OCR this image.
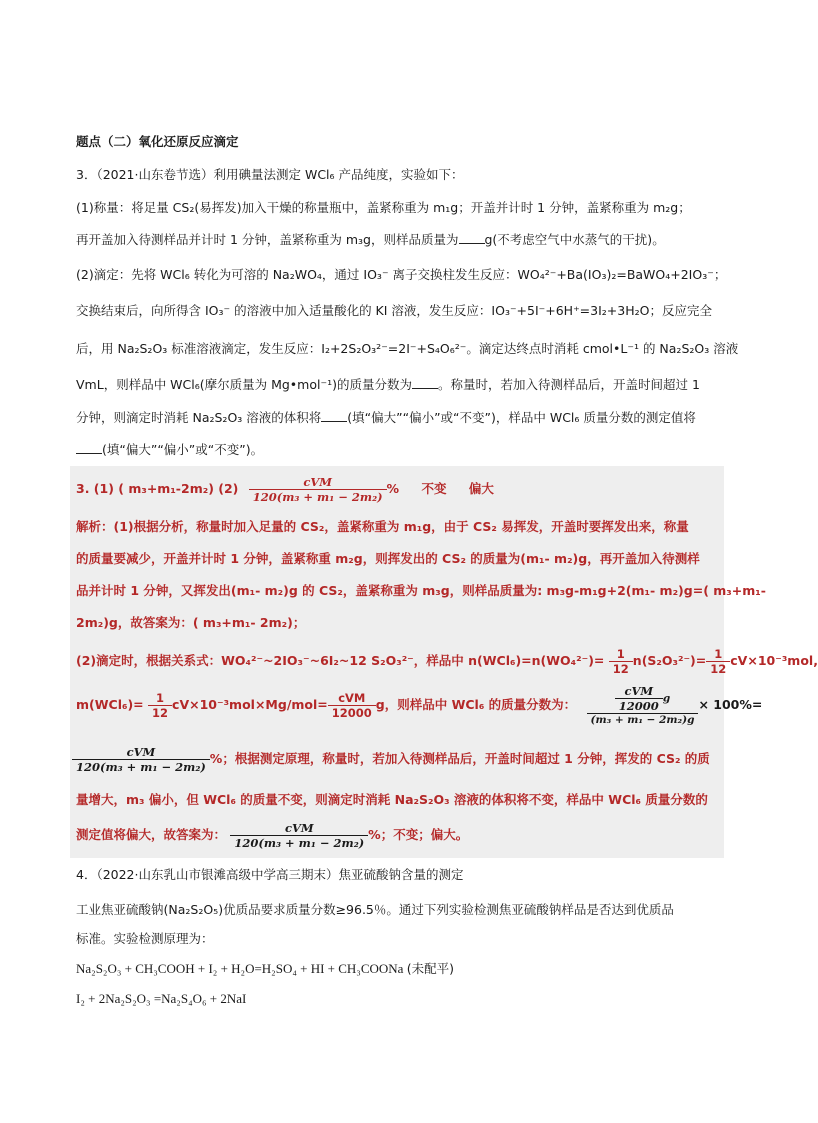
题点（二）氧化还原反应滴定
3．（2021·山东卷节选）利用碘量法测定 WCl₆ 产品纯度，实验如下：
(1)称量：将足量 CS₂(易挥发)加入干燥的称量瓶中，盖紧称重为 m₁g；开盖并计时 1 分钟，盖紧称重为 m₂g；
再开盖加入待测样品并计时 1 分钟，盖紧称重为 m₃g，则样品质量为 g(不考虑空气中水蒸气的干扰)。
(2)滴定：先将 WCl₆ 转化为可溶的 Na₂WO₄，通过 IO₃⁻ 离子交换柱发生反应：WO₄²⁻+Ba(IO₃)₂=BaWO₄+2IO₃⁻；
交换结束后，向所得含 IO₃⁻ 的溶液中加入适量酸化的 KI 溶液，发生反应：IO₃⁻+5I⁻+6H⁺=3I₂+3H₂O；反应完全
后，用 Na₂S₂O₃ 标准溶液滴定，发生反应：I₂+2S₂O₃²⁻=2I⁻+S₄O₆²⁻。滴定达终点时消耗 cmol•L⁻¹ 的 Na₂S₂O₃ 溶液
VmL，则样品中 WCl₆(摩尔质量为 Mg•mol⁻¹)的质量分数为 。称量时，若加入待测样品后，开盖时间超过 1
分钟，则滴定时消耗 Na₂S₂O₃ 溶液的体积将 (填“偏大”“偏小”或“不变”)，样品中 WCl₆ 质量分数的测定值将
(填“偏大”“偏小”或“不变”)。
3. (1) ( m₃+m₁-2m₂) $(2) \frac{\text{cVM}}{\text{120(m₃ + m₁ − 2m₂)}}$ % 不变 偏大
解析：(1)根据分析，称量时加入足量的 CS₂，盖紧称重为 m₁g，由于 CS₂ 易挥发，开盖时要挥发出来，称量
的质量要减少，开盖并计时 1 分钟，盖紧称重 m₂g，则挥发出的 CS₂ 的质量为(m₁- m₂)g，再开盖加入待测样
品并计时 1 分钟，又挥发出(m₁- m₂)g 的 CS₂，盖紧称重为 m₃g，则样品质量为: m₃g-m₁g+2(m₁- m₂)g=( m₃+m₁-
2m₂)g，故答案为：( m₃+m₁- 2m₂)；
(2)滴定时，根据关系式：WO₄²⁻~2IO₃⁻~6I₂~12 S₂O₃²⁻，样品中 $n(WCl_6)=n(WO_4^{2-})= \frac{1}{12} n(S_2O_3^{2-})= \frac{1}{12} cV\times 10^{-3}mol$,
$m(WCl_6)= \frac{1}{12} cV\times 10^{-3}mol\times Mg/mol= \frac{\text{cVM}}{12000}$ g，则样品中 WCl₆ 的质量分数为： $\frac{\frac{\text{cVM}}{12000} g}{\text{(m₃ + m₁ − 2m₂)g}} \times 100\%=$
$\frac{\text{cVM}}{\text{120(m₃ + m₁ − 2m₂)}}$ %；根据测定原理，称量时，若加入待测样品后，开盖时间超过 1 分钟，挥发的 CS₂ 的质
量增大，m₃ 偏小，但 WCl₆ 的质量不变，则滴定时消耗 Na₂S₂O₃ 溶液的体积将不变，样品中 WCl₆ 质量分数的
测定值将偏大，故答案为： $\frac{\text{cVM}}{\text{120(m₃ + m₁ − 2m₂)}}$ %；不变；偏大。
4．（2022·山东乳山市银滩高级中学高三期末）焦亚硫酸钠含量的测定
工业焦亚硫酸钠(Na₂S₂O₅)优质品要求质量分数≥96.5％。通过下列实验检测焦亚硫酸钠样品是否达到优质品
标准。实验检测原理为：
Na₂S₂O₃ + CH₃COOH + I₂ + H₂O=H₂SO₄ + HI + CH₃COONa (未配平)
I₂ + 2Na₂S₂O₃ =Na₂S₄O₆ + 2NaI
